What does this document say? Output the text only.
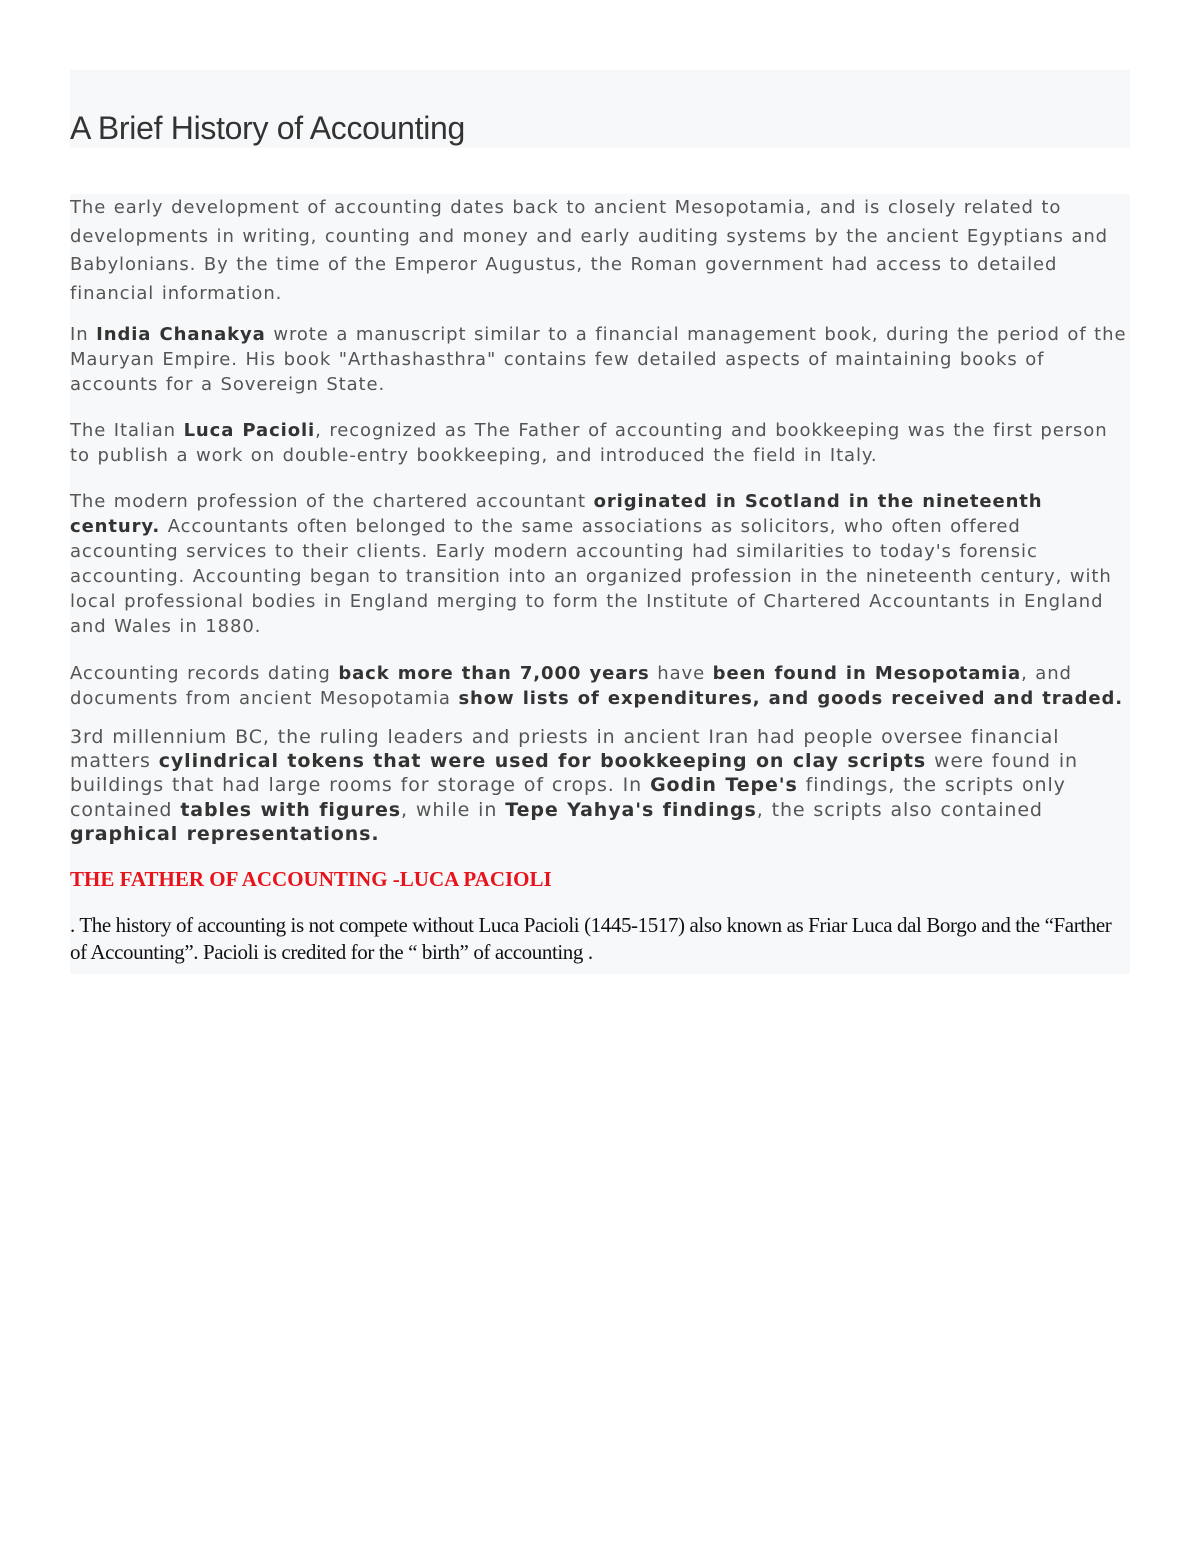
A Brief History of Accounting

The early development of accounting dates back to ancient Mesopotamia, and is closely related to developments in writing, counting and money and early auditing systems by the ancient Egyptians and Babylonians. By the time of the Emperor Augustus, the Roman government had access to detailed financial information.

In India Chanakya wrote a manuscript similar to a financial management book, during the period of the Mauryan Empire. His book "Arthashasthra" contains few detailed aspects of maintaining books of accounts for a Sovereign State.

The Italian Luca Pacioli, recognized as The Father of accounting and bookkeeping was the first person to publish a work on double-entry bookkeeping, and introduced the field in Italy.

The modern profession of the chartered accountant originated in Scotland in the nineteenth century. Accountants often belonged to the same associations as solicitors, who often offered accounting services to their clients. Early modern accounting had similarities to today's forensic accounting. Accounting began to transition into an organized profession in the nineteenth century, with local professional bodies in England merging to form the Institute of Chartered Accountants in England and Wales in 1880.

Accounting records dating back more than 7,000 years have been found in Mesopotamia, and documents from ancient Mesopotamia show lists of expenditures, and goods received and traded.

3rd millennium BC, the ruling leaders and priests in ancient Iran had people oversee financial matters cylindrical tokens that were used for bookkeeping on clay scripts were found in buildings that had large rooms for storage of crops. In Godin Tepe's findings, the scripts only contained tables with figures, while in Tepe Yahya's findings, the scripts also contained graphical representations.

THE FATHER OF ACCOUNTING -LUCA PACIOLI

. The history of accounting is not compete without Luca Pacioli (1445-1517) also known as Friar Luca dal Borgo and the “Farther of Accounting”. Pacioli is credited for the “ birth” of accounting .
